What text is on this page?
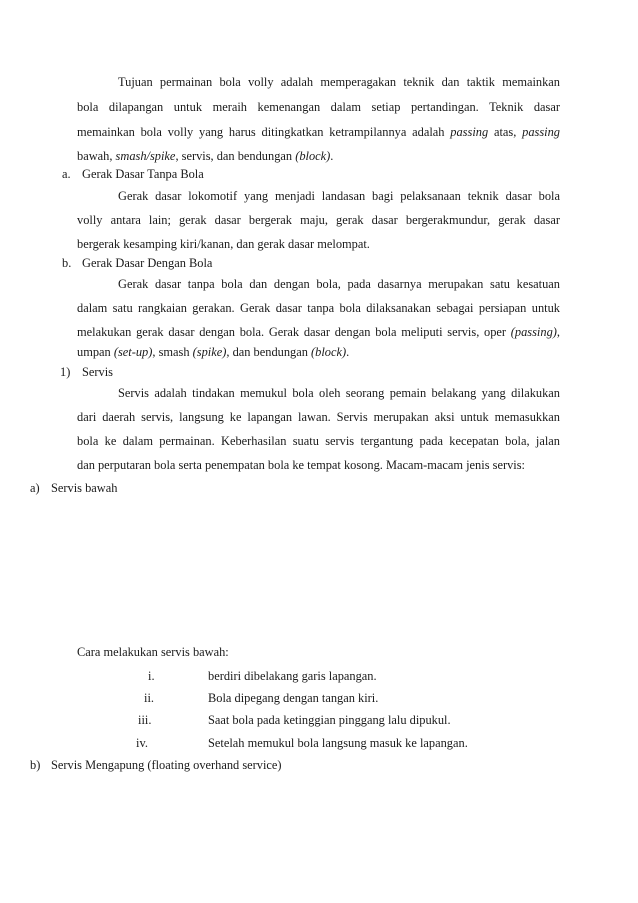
Tujuan permainan bola volly adalah memperagakan teknik dan taktik memainkan
bola dilapangan untuk meraih kemenangan dalam setiap pertandingan. Teknik dasar
memainkan bola volly yang harus ditingkatkan ketrampilannya adalah passing atas, passing
bawah, smash/spike, servis, dan bendungan (block).
a. Gerak Dasar Tanpa Bola
Gerak dasar lokomotif yang menjadi landasan bagi pelaksanaan teknik dasar bola
volly antara lain; gerak dasar bergerak maju, gerak dasar bergerakmundur, gerak dasar
bergerak kesamping kiri/kanan, dan gerak dasar melompat.
b. Gerak Dasar Dengan Bola
Gerak dasar tanpa bola dan dengan bola, pada dasarnya merupakan satu kesatuan
dalam satu rangkaian gerakan. Gerak dasar tanpa bola dilaksanakan sebagai persiapan untuk
melakukan gerak dasar dengan bola. Gerak dasar dengan bola meliputi servis, oper (passing),
umpan (set-up), smash (spike), dan bendungan (block).
1) Servis
Servis adalah tindakan memukul bola oleh seorang pemain belakang yang dilakukan
dari daerah servis, langsung ke lapangan lawan. Servis merupakan aksi untuk memasukkan
bola ke dalam permainan. Keberhasilan suatu servis tergantung pada kecepatan bola, jalan
dan perputaran bola serta penempatan bola ke tempat kosong. Macam-macam jenis servis:
a) Servis bawah
Cara melakukan servis bawah:
i.	berdiri dibelakang garis lapangan.
ii.	Bola dipegang dengan tangan kiri.
iii.	Saat bola pada ketinggian pinggang lalu dipukul.
iv.	Setelah memukul bola langsung masuk ke lapangan.
b) Servis Mengapung (floating overhand service)
